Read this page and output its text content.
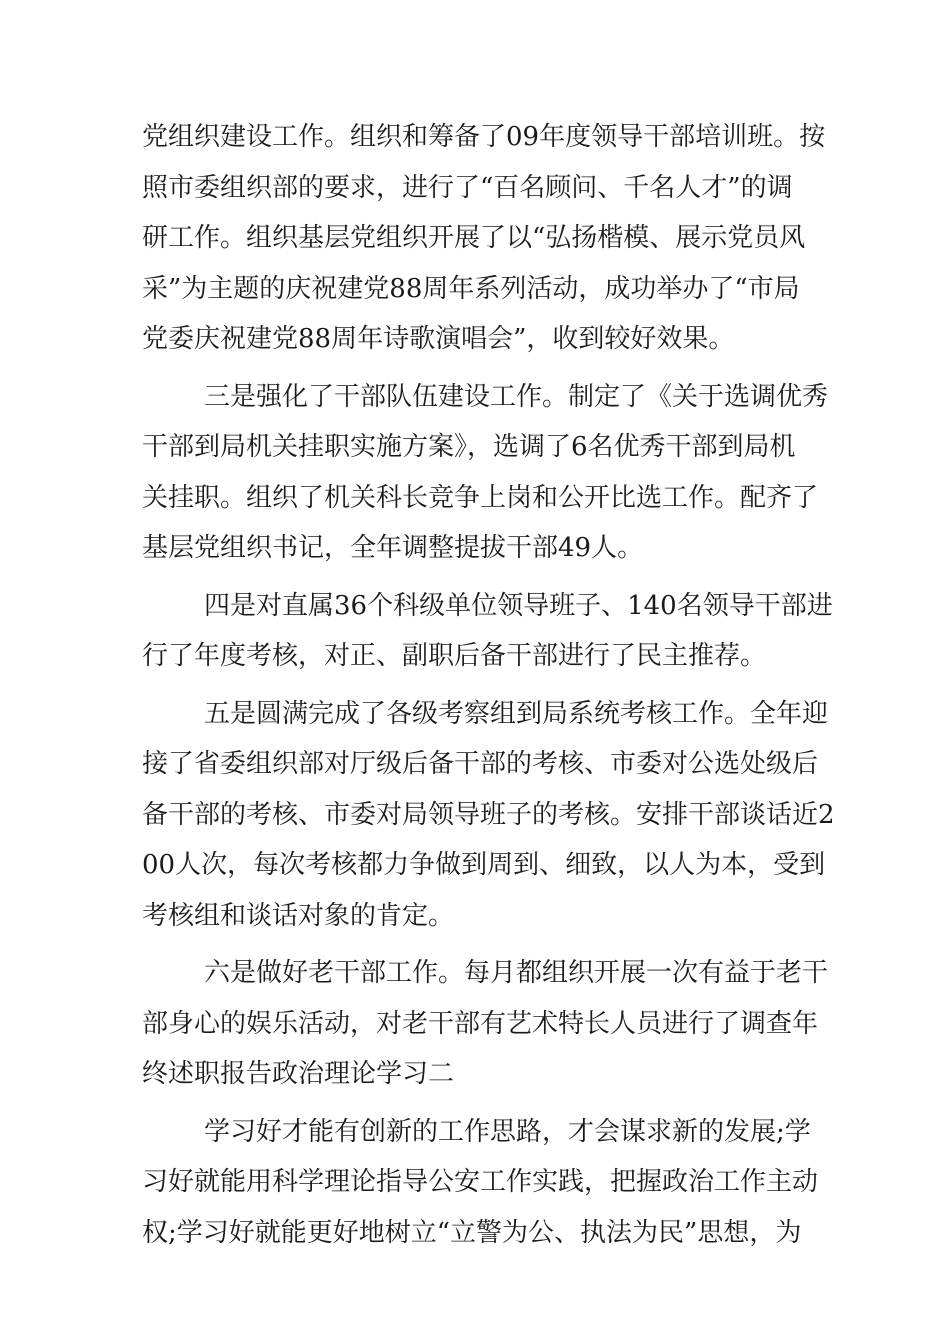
党组织建设工作。组织和筹备了09年度领导干部培训班。按
照市委组织部的要求，进行了“百名顾问、千名人才”的调
研工作。组织基层党组织开展了以“弘扬楷模、展示党员风
采”为主题的庆祝建党88周年系列活动，成功举办了“市局
党委庆祝建党88周年诗歌演唱会”，收到较好效果。
三是强化了干部队伍建设工作。制定了《关于选调优秀
干部到局机关挂职实施方案》，选调了6名优秀干部到局机
关挂职。组织了机关科长竞争上岗和公开比选工作。配齐了
基层党组织书记，全年调整提拔干部49人。
四是对直属36个科级单位领导班子、140名领导干部进
行了年度考核，对正、副职后备干部进行了民主推荐。
五是圆满完成了各级考察组到局系统考核工作。全年迎
接了省委组织部对厅级后备干部的考核、市委对公选处级后
备干部的考核、市委对局领导班子的考核。安排干部谈话近2
00人次，每次考核都力争做到周到、细致，以人为本，受到
考核组和谈话对象的肯定。
六是做好老干部工作。每月都组织开展一次有益于老干
部身心的娱乐活动，对老干部有艺术特长人员进行了调查年
终述职报告政治理论学习二
学习好才能有创新的工作思路，才会谋求新的发展;学
习好就能用科学理论指导公安工作实践，把握政治工作主动
权;学习好就能更好地树立“立警为公、执法为民”思想，为
